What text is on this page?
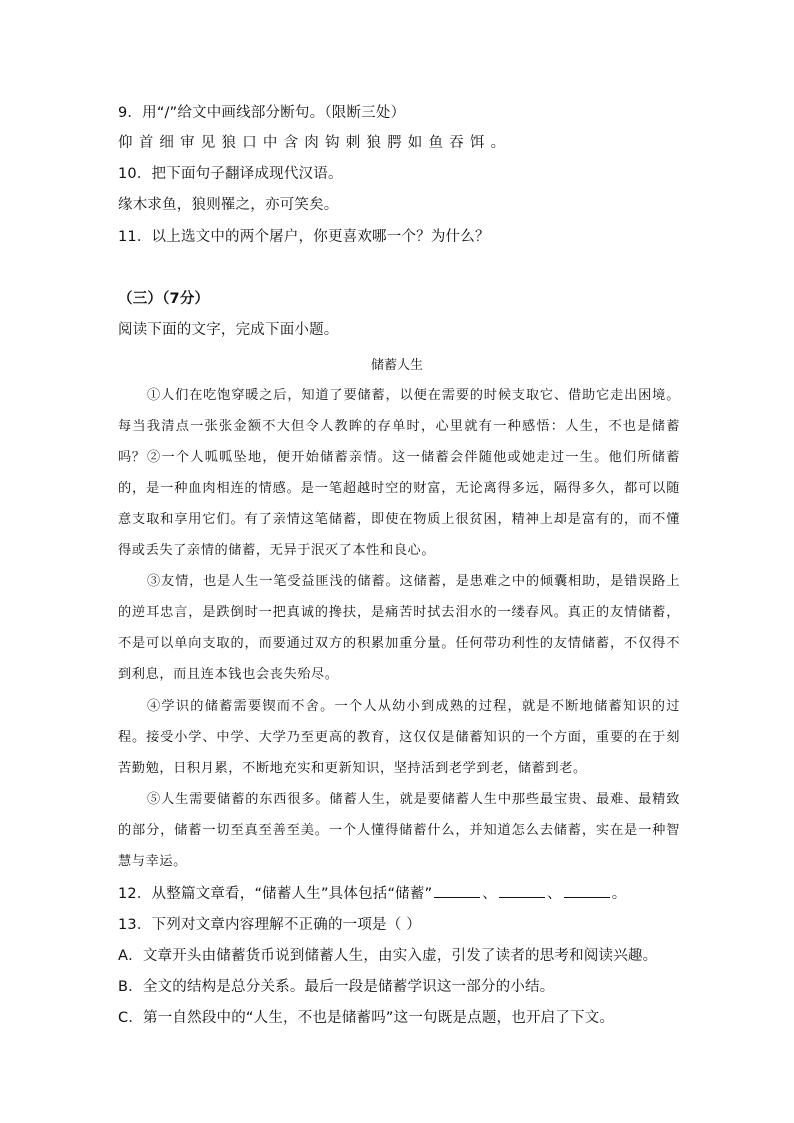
9．用“/”给文中画线部分断句。（限断三处）
仰首细审见狼口中含肉钩刺狼腭如鱼吞饵。
10．把下面句子翻译成现代汉语。
缘木求鱼，狼则罹之，亦可笑矣。
11．以上选文中的两个屠户，你更喜欢哪一个？为什么？
（三）（7分）
阅读下面的文字，完成下面小题。
储蓄人生
①人们在吃饱穿暖之后，知道了要储蓄，以便在需要的时候支取它、借助它走出困境。每当我清点一张张金额不大但令人教眸的存单时，心里就有一种感悟：人生，不也是储蓄吗？ ②一个人呱呱坠地，便开始储蓄亲情。这一储蓄会伴随他或她走过一生。他们所储蓄的，是一种血肉相连的情感。是一笔超越时空的财富，无论离得多远，隔得多久，都可以随意支取和享用它们。有了亲情这笔储蓄，即使在物质上很贫困，精神上却是富有的，而不懂得或丢失了亲情的储蓄，无异于泯灭了本性和良心。
③友情，也是人生一笔受益匪浅的储蓄。这储蓄，是患难之中的倾囊相助，是错误路上的逆耳忠言，是跌倒时一把真诚的搀扶，是痛苦时拭去泪水的一缕春风。真正的友情储蓄，不是可以单向支取的，而要通过双方的积累加重分量。任何带功利性的友情储蓄，不仅得不到利息，而且连本钱也会丧失殆尽。
④学识的储蓄需要锲而不舍。一个人从幼小到成熟的过程，就是不断地储蓄知识的过程。接受小学、中学、大学乃至更高的教育，这仅仅是储蓄知识的一个方面，重要的在于刻苦勤勉，日积月累，不断地充实和更新知识，坚持活到老学到老，储蓄到老。
⑤人生需要储蓄的东西很多。储蓄人生，就是要储蓄人生中那些最宝贵、最难、最精致的部分，储蓄一切至真至善至美。一个人懂得储蓄什么，并知道怎么去储蓄，实在是一种智慧与幸运。
12．从整篇文章看，“储蓄人生”具体包括“储蓄”	、	、	。
13．下列对文章内容理解不正确的一项是（ ）
A．文章开头由储蓄货币说到储蓄人生，由实入虚，引发了读者的思考和阅读兴趣。
B．全文的结构是总分关系。最后一段是储蓄学识这一部分的小结。
C．第一自然段中的“人生，不也是储蓄吗”这一句既是点题，也开启了下文。
